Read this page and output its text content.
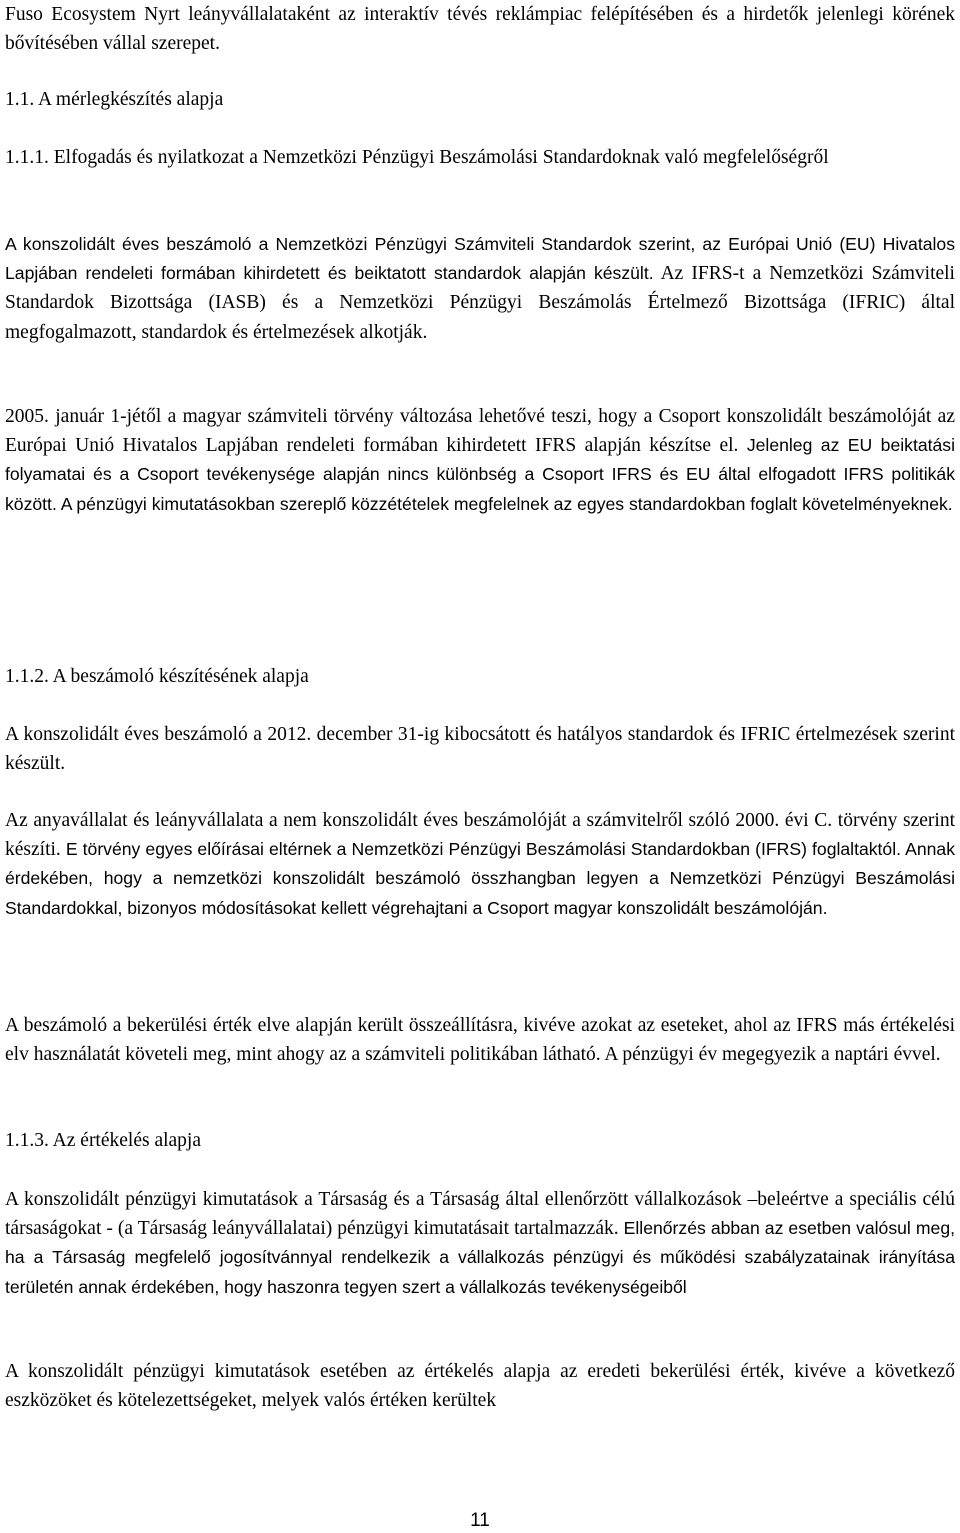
Fuso Ecosystem Nyrt leányvállalataként az interaktív tévés reklámpiac felépítésében és a hirdetők jelenlegi körének bővítésében vállal szerepet.

1.1. A mérlegkészítés alapja

1.1.1. Elfogadás és nyilatkozat a Nemzetközi Pénzügyi Beszámolási Standardoknak való megfelelőségről

A konszolidált éves beszámoló a Nemzetközi Pénzügyi Számviteli Standardok szerint, az Európai Unió (EU) Hivatalos Lapjában rendeleti formában kihirdetett és beiktatott standardok alapján készült. Az IFRS-t a Nemzetközi Számviteli Standardok Bizottsága (IASB) és a Nemzetközi Pénzügyi Beszámolás Értelmező Bizottsága (IFRIC) által megfogalmazott, standardok és értelmezések alkotják.

2005. január 1-jétől a magyar számviteli törvény változása lehetővé teszi, hogy a Csoport konszolidált beszámolóját az Európai Unió Hivatalos Lapjában rendeleti formában kihirdetett IFRS alapján készítse el. Jelenleg az EU beiktatási folyamatai és a Csoport tevékenysége alapján nincs különbség a Csoport IFRS és EU által elfogadott IFRS politikák között. A pénzügyi kimutatásokban szereplő közzétételek megfelelnek az egyes standardokban foglalt követelményeknek.

1.1.2. A beszámoló készítésének alapja

A konszolidált éves beszámoló a 2012. december 31-ig kibocsátott és hatályos standardok és IFRIC értelmezések szerint készült.

Az anyavállalat és leányvállalata a nem konszolidált éves beszámolóját a számvitelről szóló 2000. évi C. törvény szerint készíti. E törvény egyes előírásai eltérnek a Nemzetközi Pénzügyi Beszámolási Standardokban (IFRS) foglaltaktól. Annak érdekében, hogy a nemzetközi konszolidált beszámoló összhangban legyen a Nemzetközi Pénzügyi Beszámolási Standardokkal, bizonyos módosításokat kellett végrehajtani a Csoport magyar konszolidált beszámolóján.

A beszámoló a bekerülési érték elve alapján került összeállításra, kivéve azokat az eseteket, ahol az IFRS más értékelési elv használatát követeli meg, mint ahogy az a számviteli politikában látható. A pénzügyi év megegyezik a naptári évvel.

1.1.3. Az értékelés alapja

A konszolidált pénzügyi kimutatások a Társaság és a Társaság által ellenőrzött vállalkozások –beleértve a speciális célú társaságokat - (a Társaság leányvállalatai) pénzügyi kimutatásait tartalmazzák. Ellenőrzés abban az esetben valósul meg, ha a Társaság megfelelő jogosítvánnyal rendelkezik a vállalkozás pénzügyi és működési szabályzatainak irányítása területén annak érdekében, hogy haszonra tegyen szert a vállalkozás tevékenységeiből

A konszolidált pénzügyi kimutatások esetében az értékelés alapja az eredeti bekerülési érték, kivéve a következő eszközöket és kötelezettségeket, melyek valós értéken kerültek

11
